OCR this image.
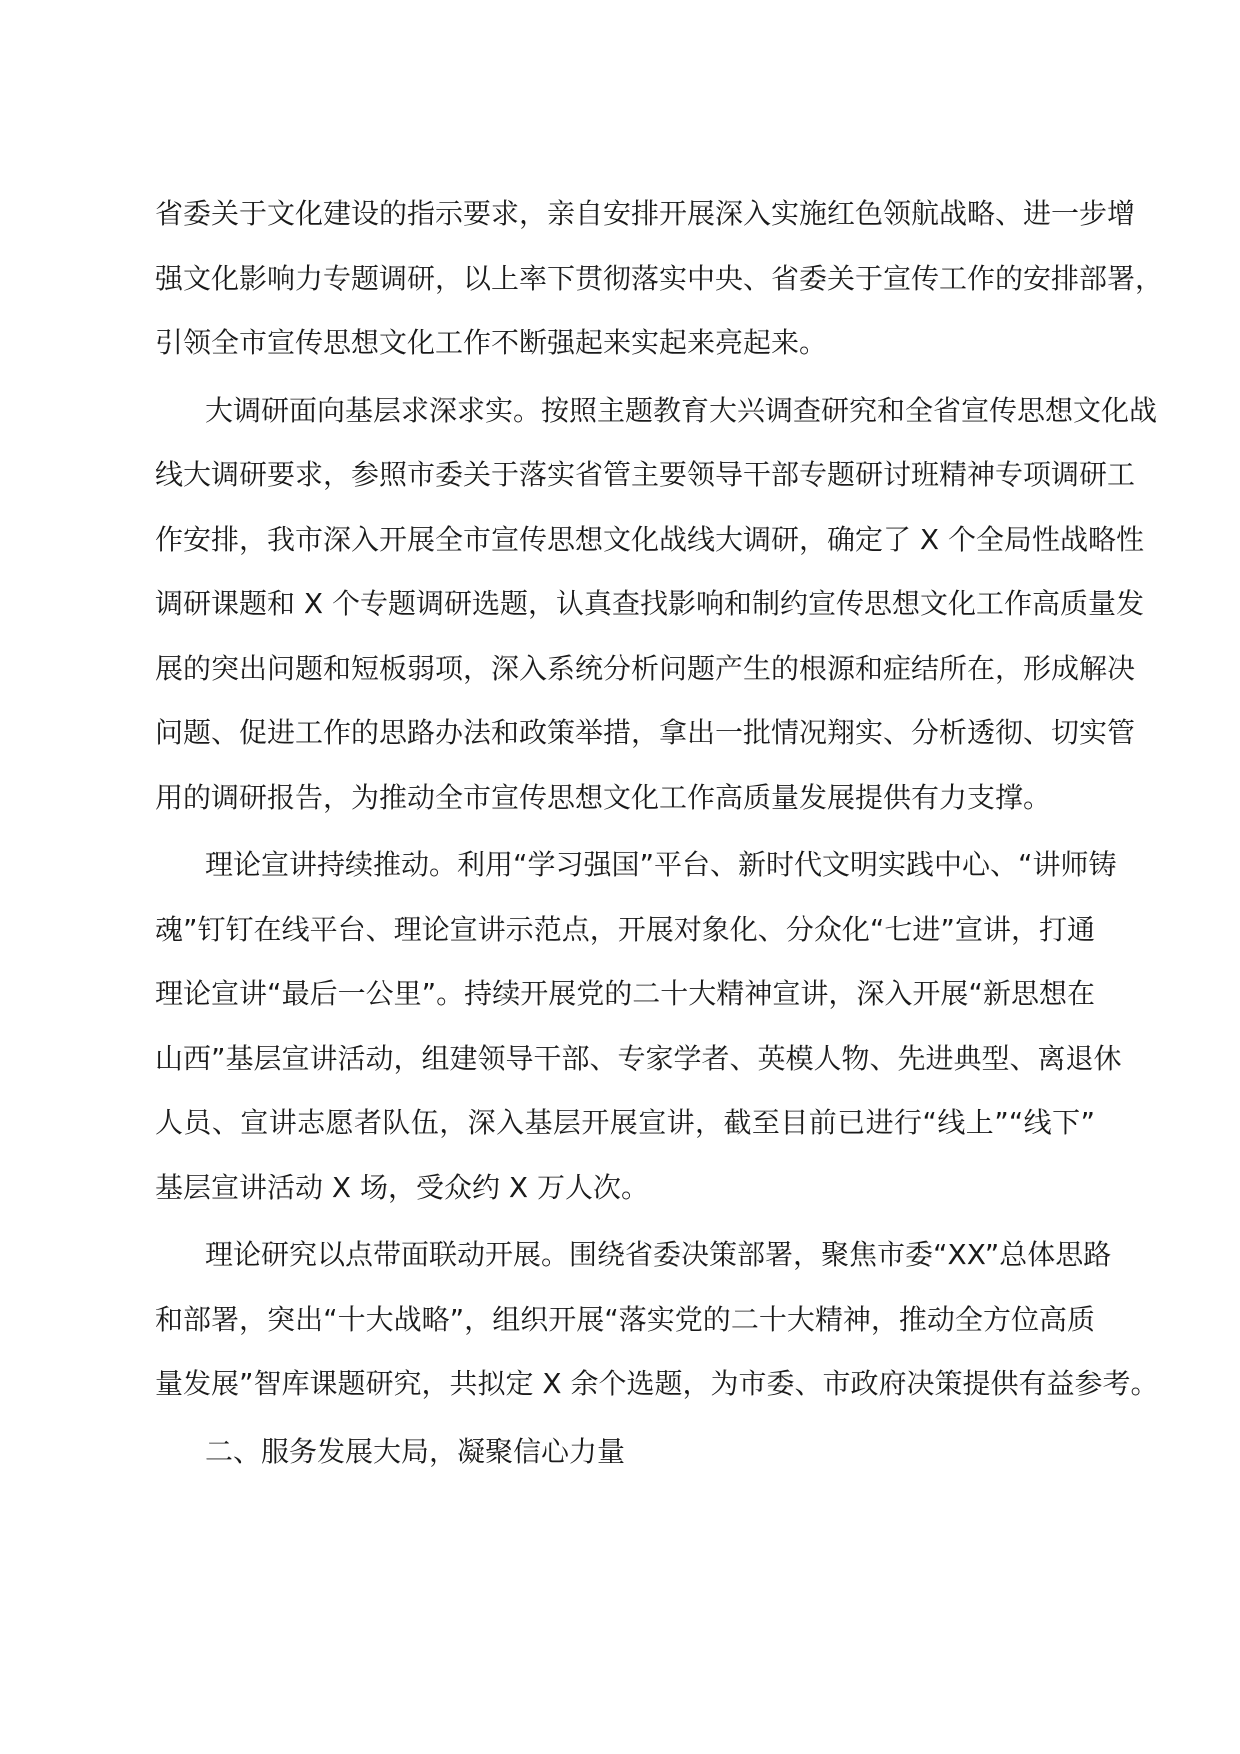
省委关于文化建设的指示要求，亲自安排开展深入实施红色领航战略、进一步增
强文化影响力专题调研，以上率下贯彻落实中央、省委关于宣传工作的安排部署，
引领全市宣传思想文化工作不断强起来实起来亮起来。
大调研面向基层求深求实。按照主题教育大兴调查研究和全省宣传思想文化战
线大调研要求，参照市委关于落实省管主要领导干部专题研讨班精神专项调研工
作安排，我市深入开展全市宣传思想文化战线大调研，确定了 X 个全局性战略性
调研课题和 X 个专题调研选题，认真查找影响和制约宣传思想文化工作高质量发
展的突出问题和短板弱项，深入系统分析问题产生的根源和症结所在，形成解决
问题、促进工作的思路办法和政策举措，拿出一批情况翔实、分析透彻、切实管
用的调研报告，为推动全市宣传思想文化工作高质量发展提供有力支撑。
理论宣讲持续推动。利用“学习强国”平台、新时代文明实践中心、“讲师铸
魂”钉钉在线平台、理论宣讲示范点，开展对象化、分众化“七进”宣讲，打通
理论宣讲“最后一公里”。持续开展党的二十大精神宣讲，深入开展“新思想在
山西”基层宣讲活动，组建领导干部、专家学者、英模人物、先进典型、离退休
人员、宣讲志愿者队伍，深入基层开展宣讲，截至目前已进行“线上”“线下”
基层宣讲活动 X 场，受众约 X 万人次。
理论研究以点带面联动开展。围绕省委决策部署，聚焦市委“XX”总体思路
和部署，突出“十大战略”，组织开展“落实党的二十大精神，推动全方位高质
量发展”智库课题研究，共拟定 X 余个选题，为市委、市政府决策提供有益参考。
二、服务发展大局，凝聚信心力量
